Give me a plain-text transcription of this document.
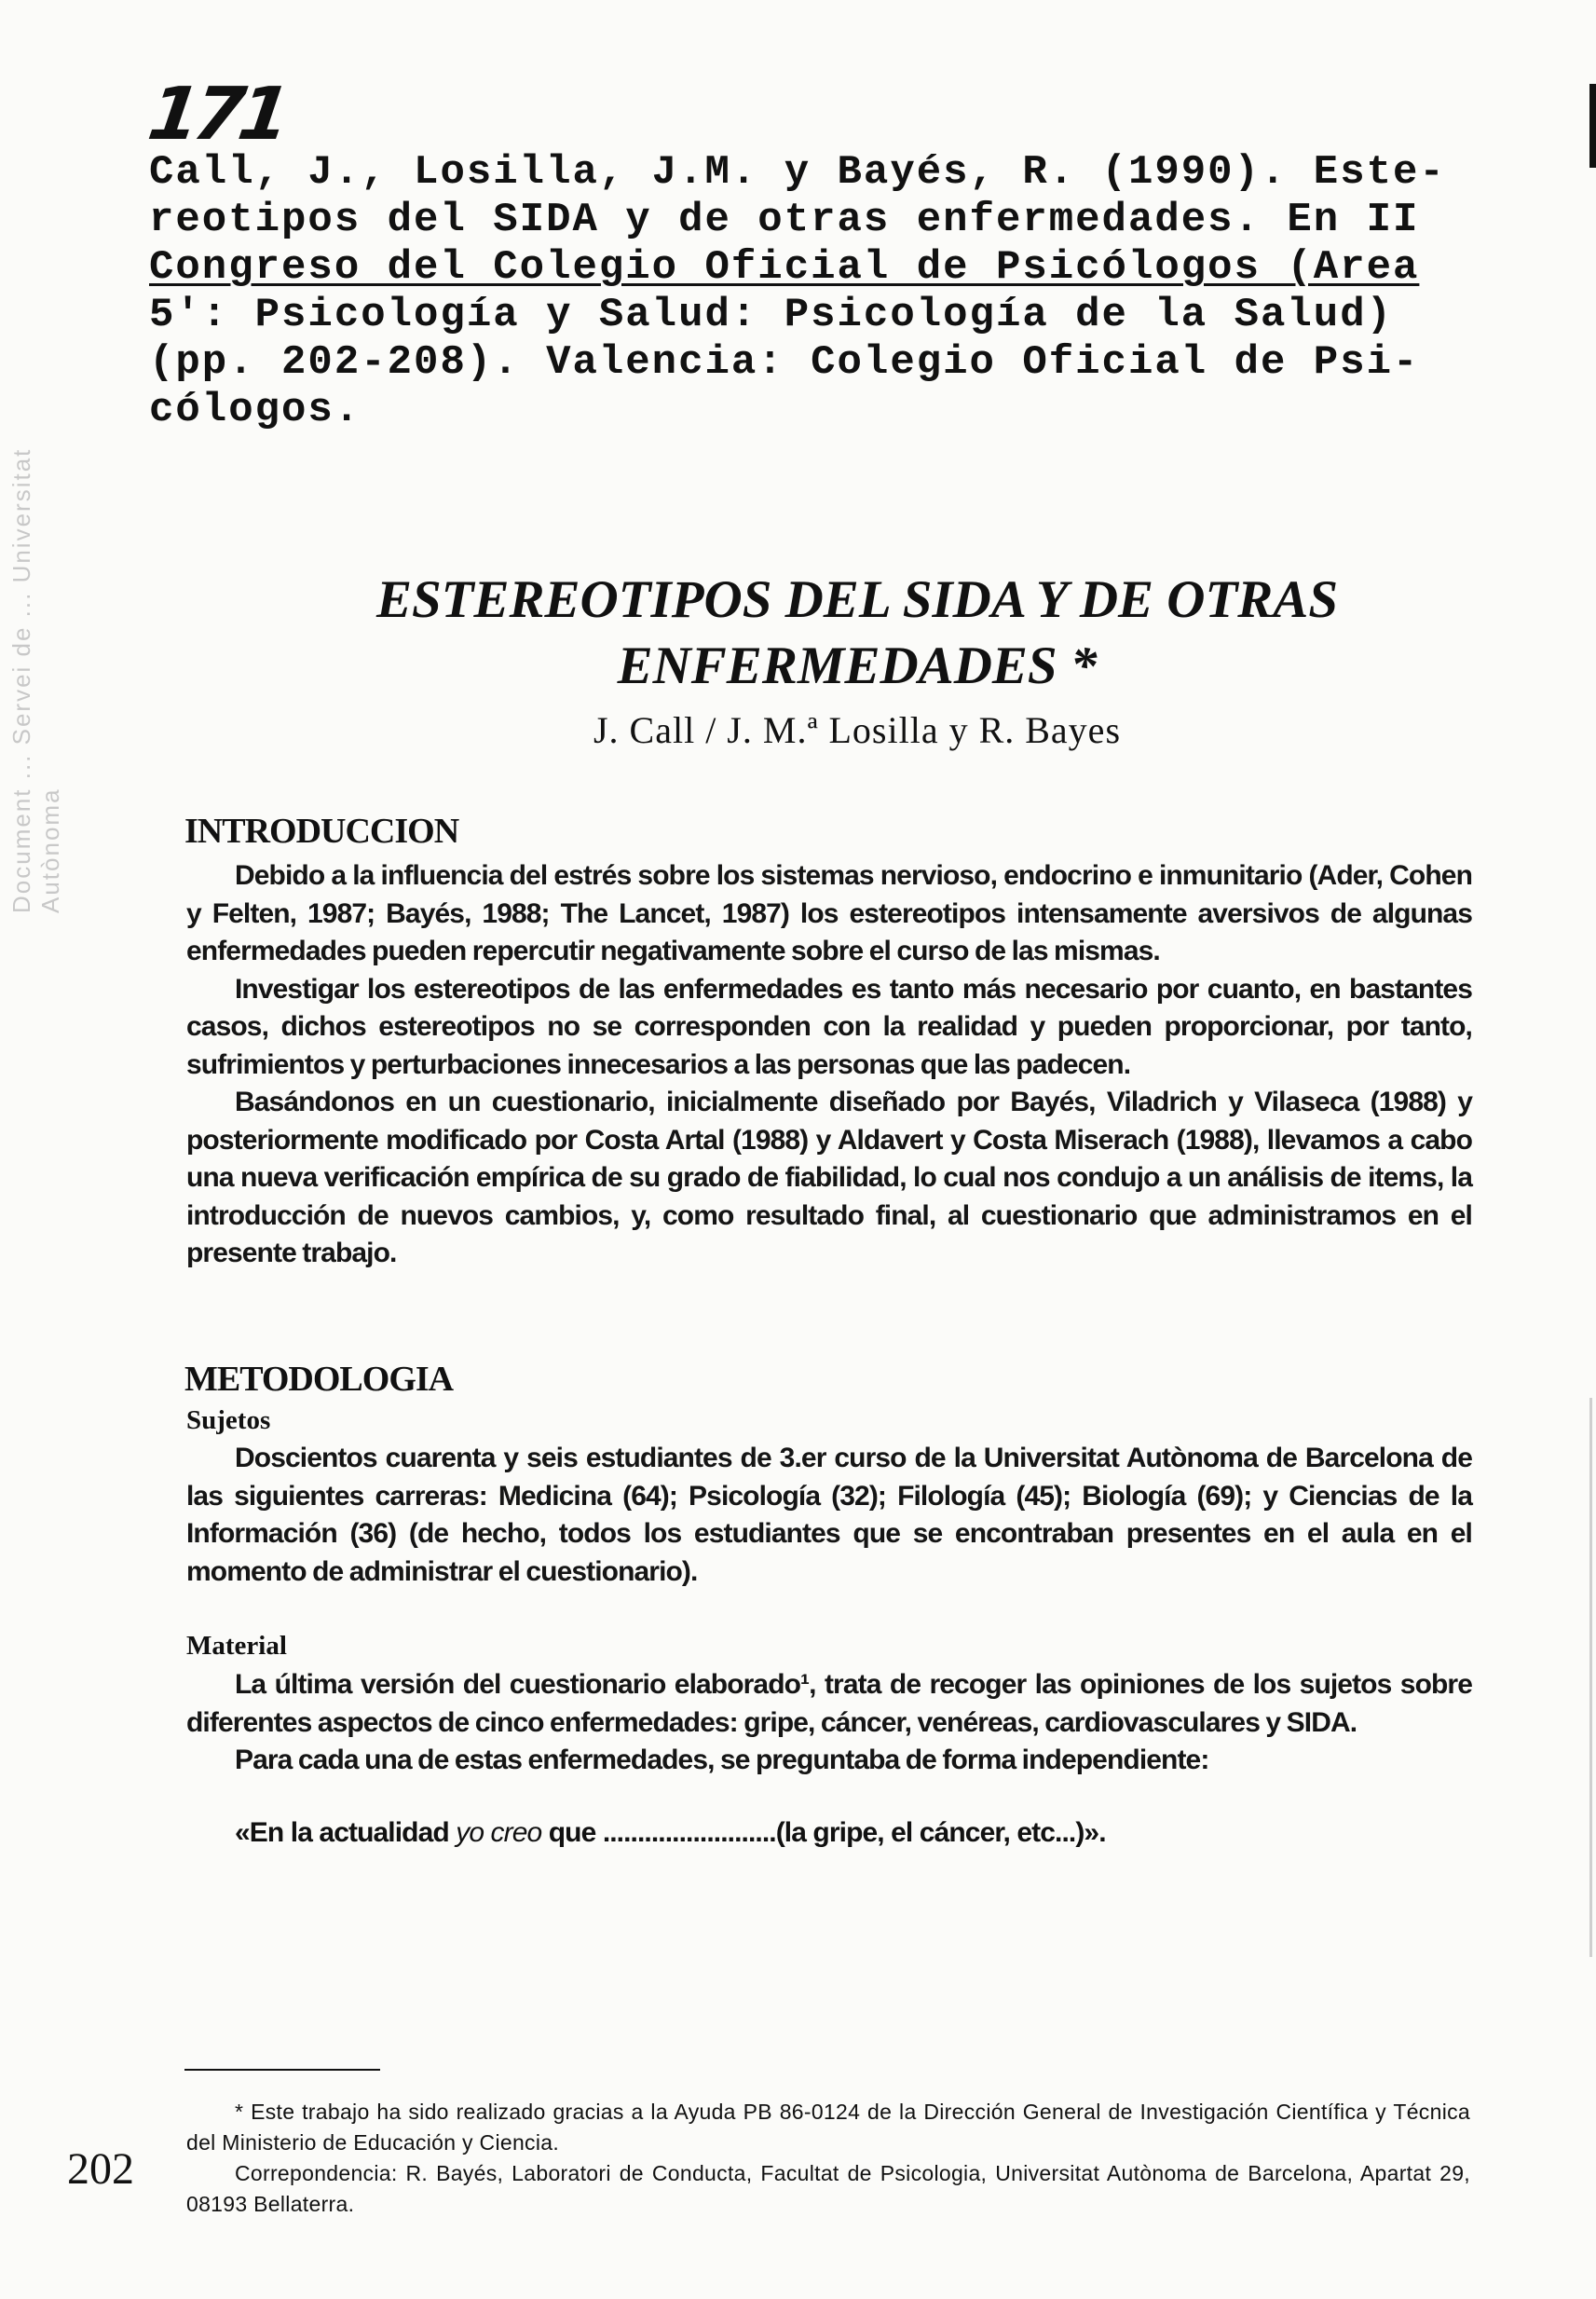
171
Document ... Servei de ... Universitat Autònoma
Call, J., Losilla, J.M. y Bayés, R. (1990). Este-
reotipos del SIDA y de otras enfermedades. En II
Congreso del Colegio Oficial de Psicólogos (Area
5': Psicología y Salud: Psicología de la Salud)
(pp. 202-208). Valencia: Colegio Oficial de Psi-
cólogos.
ESTEREOTIPOS DEL SIDA Y DE OTRAS
ENFERMEDADES *
J. Call / J. M.ª Losilla y R. Bayes
INTRODUCCION

Debido a la influencia del estrés sobre los sistemas nervioso, endocrino e inmunitario (Ader, Cohen y Felten, 1987; Bayés, 1988; The Lancet, 1987) los estereotipos intensamente aversivos de algunas enfermedades pueden repercutir negativamente sobre el curso de las mismas.

Investigar los estereotipos de las enfermedades es tanto más necesario por cuanto, en bastantes casos, dichos estereotipos no se corresponden con la realidad y pueden proporcionar, por tanto, sufrimientos y perturbaciones innecesarios a las personas que las padecen.

Basándonos en un cuestionario, inicialmente diseñado por Bayés, Viladrich y Vilaseca (1988) y posteriormente modificado por Costa Artal (1988) y Aldavert y Costa Miserach (1988), llevamos a cabo una nueva verificación empírica de su grado de fiabilidad, lo cual nos condujo a un análisis de items, la introducción de nuevos cambios, y, como resultado final, al cuestionario que administramos en el presente trabajo.

METODOLOGIA
Sujetos

Doscientos cuarenta y seis estudiantes de 3.er curso de la Universitat Autònoma de Barcelona de las siguientes carreras: Medicina (64); Psicología (32); Filología (45); Biología (69); y Ciencias de la Información (36) (de hecho, todos los estudiantes que se encontraban presentes en el aula en el momento de administrar el cuestionario).

Material

La última versión del cuestionario elaborado¹, trata de recoger las opiniones de los sujetos sobre diferentes aspectos de cinco enfermedades: gripe, cáncer, venéreas, cardiovasculares y SIDA.

Para cada una de estas enfermedades, se preguntaba de forma independiente:

«En la actualidad yo creo que .........................(la gripe, el cáncer, etc...)».

* Este trabajo ha sido realizado gracias a la Ayuda PB 86-0124 de la Dirección General de Investigación Científica y Técnica del Ministerio de Educación y Ciencia.

Correpondencia: R. Bayés, Laboratori de Conducta, Facultat de Psicologia, Universitat Autònoma de Barcelona, Apartat 29, 08193 Bellaterra.

202
